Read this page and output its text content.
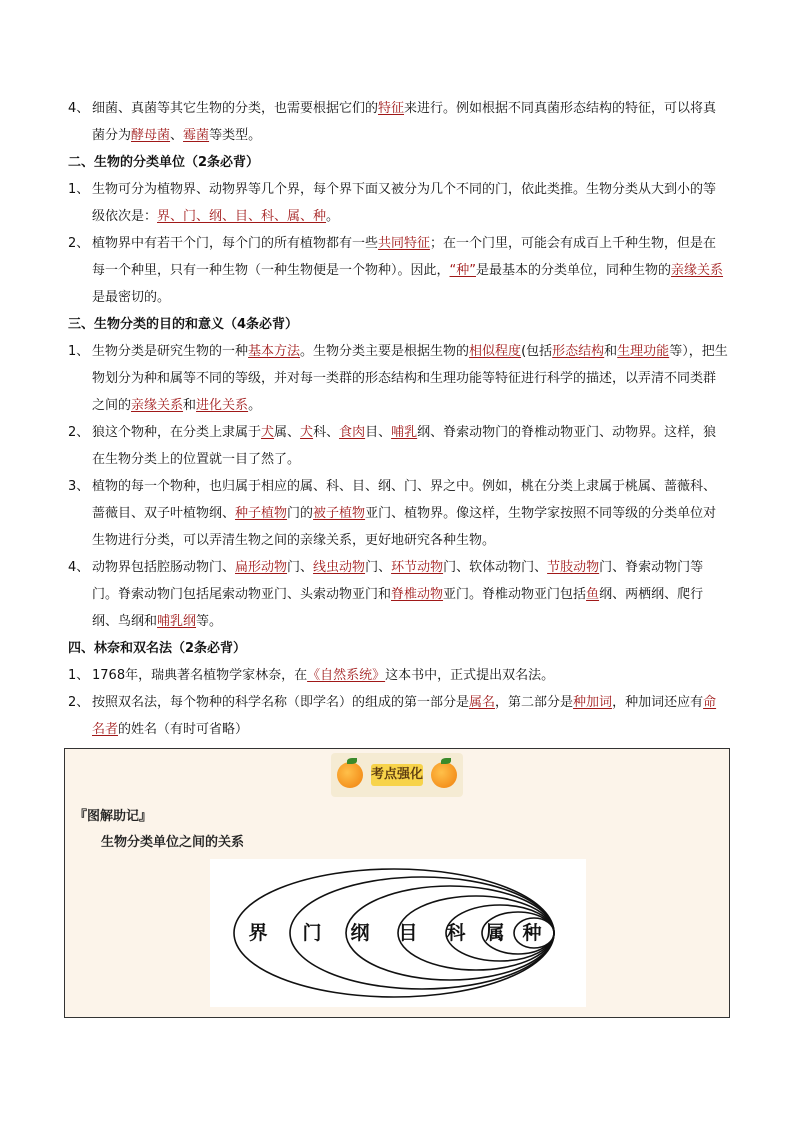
4、 细菌、真菌等其它生物的分类，也需要根据它们的特征来进行。例如根据不同真菌形态结构的特征，可以将真菌分为酵母菌、霉菌等类型。
二、生物的分类单位（2条必背）
1、 生物可分为植物界、动物界等几个界，每个界下面又被分为几个不同的门，依此类推。生物分类从大到小的等级依次是：界、门、纲、目、科、属、种。
2、 植物界中有若干个门，每个门的所有植物都有一些共同特征；在一个门里，可能会有成百上千种生物，但是在每一个种里，只有一种生物（一种生物便是一个物种）。因此，“种”是最基本的分类单位，同种生物的亲缘关系是最密切的。
三、生物分类的目的和意义（4条必背）
1、 生物分类是研究生物的一种基本方法。生物分类主要是根据生物的相似程度(包括形态结构和生理功能等），把生物划分为种和属等不同的等级，并对每一类群的形态结构和生理功能等特征进行科学的描述，以弄清不同类群之间的亲缘关系和进化关系。
2、 狼这个物种，在分类上隶属于犬属、犬科、食肉目、哺乳纲、脊索动物门的脊椎动物亚门、动物界。这样，狼在生物分类上的位置就一目了然了。
3、 植物的每一个物种，也归属于相应的属、科、目、纲、门、界之中。例如，桃在分类上隶属于桃属、蔷薇科、蔷薇目、双子叶植物纲、种子植物门的被子植物亚门、植物界。像这样，生物学家按照不同等级的分类单位对生物进行分类，可以弄清生物之间的亲缘关系，更好地研究各种生物。
4、 动物界包括腔肠动物门、扁形动物门、线虫动物门、环节动物门、软体动物门、节肢动物门、脊索动物门等门。脊索动物门包括尾索动物亚门、头索动物亚门和脊椎动物亚门。脊椎动物亚门包括鱼纲、两栖纲、爬行纲、鸟纲和哺乳纲等。
四、林奈和双名法（2条必背）
1、 1768年，瑞典著名植物学家林奈，在《自然系统》这本书中，正式提出双名法。
2、 按照双名法，每个物种的科学名称（即学名）的组成的第一部分是属名，第二部分是种加词，种加词还应有命名者的姓名（有时可省略）
考点强化
『图解助记』
生物分类单位之间的关系
界 门 纲 目 科 属 种
